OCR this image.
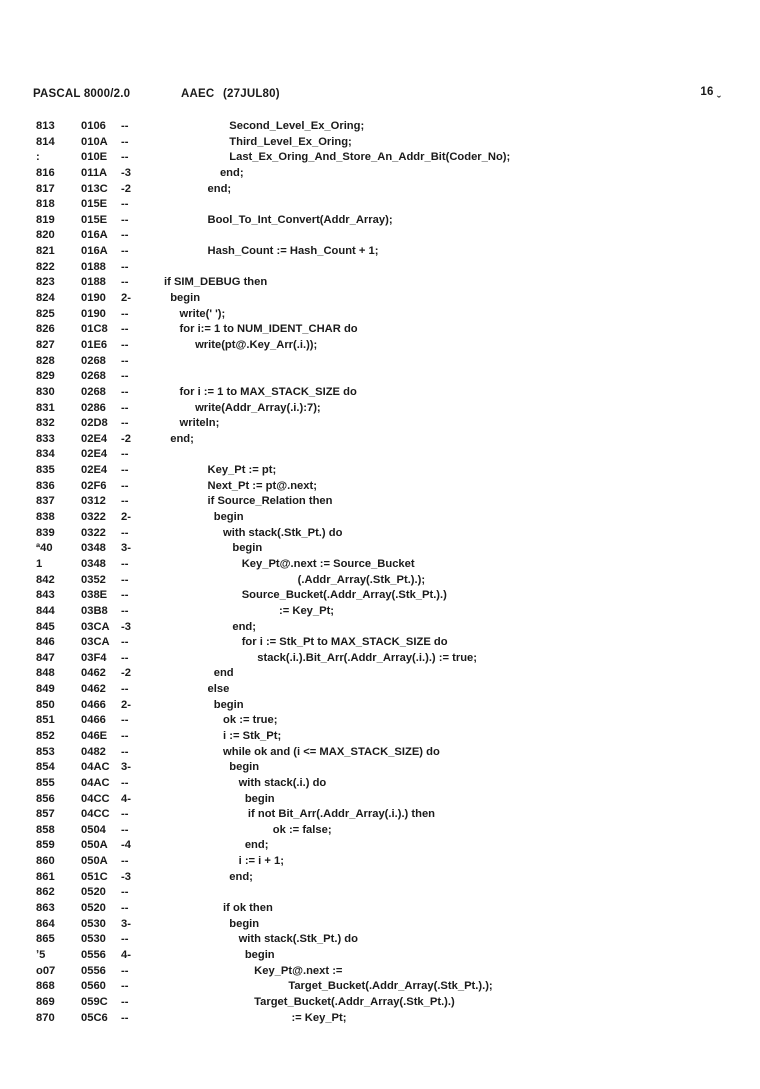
PASCAL 8000/2.0	AAEC (27JUL80)	16 ˬ
813	0106	--	Second_Level_Ex_Oring;
814	010A	--	Third_Level_Ex_Oring;
:	010E	--	Last_Ex_Oring_And_Store_An_Addr_Bit(Coder_No);
816	011A	-3	end;
817	013C	-2	end;
818	015E	--
819	015E	--	Bool_To_Int_Convert(Addr_Array);
820	016A	--
821	016A	--	Hash_Count := Hash_Count + 1;
822	0188	--
823	0188	--	if SIM_DEBUG then
824	0190	2-	begin
825	0190	--	write(' ');
826	01C8	--	for i:= 1 to NUM_IDENT_CHAR do
827	01E6	--	write(pt@.Key_Arr(.i.));
828	0268	--
829	0268	--
830	0268	--	for i := 1 to MAX_STACK_SIZE do
831	0286	--	write(Addr_Array(.i.):7);
832	02D8	--	writeln;
833	02E4	-2	end;
834	02E4	--
835	02E4	--	Key_Pt := pt;
836	02F6	--	Next_Pt := pt@.next;
837	0312	--	if Source_Relation then
838	0322	2-	begin
839	0322	--	with stack(.Stk_Pt.) do
ª40	0348	3-	begin
1	0348	--	Key_Pt@.next := Source_Bucket
842	0352	--	(.Addr_Array(.Stk_Pt.).);
843	038E	--	Source_Bucket(.Addr_Array(.Stk_Pt.).)
844	03B8	--	:= Key_Pt;
845	03CA	-3	end;
846	03CA	--	for i := Stk_Pt to MAX_STACK_SIZE do
847	03F4	--	stack(.i.).Bit_Arr(.Addr_Array(.i.).) := true;
848	0462	-2	end
849	0462	--	else
850	0466	2-	begin
851	0466	--	ok := true;
852	046E	--	i := Stk_Pt;
853	0482	--	while ok and (i <= MAX_STACK_SIZE) do
854	04AC	3-	begin
855	04AC	--	with stack(.i.) do
856	04CC	4-	begin
857	04CC	--	if not Bit_Arr(.Addr_Array(.i.).) then
858	0504	--	ok := false;
859	050A	-4	end;
860	050A	--	i := i + 1;
861	051C	-3	end;
862	0520	--
863	0520	--	if ok then
864	0530	3-	begin
865	0530	--	with stack(.Stk_Pt.) do
ʼ5	0556	4-	begin
ο07	0556	--	Key_Pt@.next :=
868	0560	--	Target_Bucket(.Addr_Array(.Stk_Pt.).);
869	059C	--	Target_Bucket(.Addr_Array(.Stk_Pt.).)
870	05C6	--	:= Key_Pt;
